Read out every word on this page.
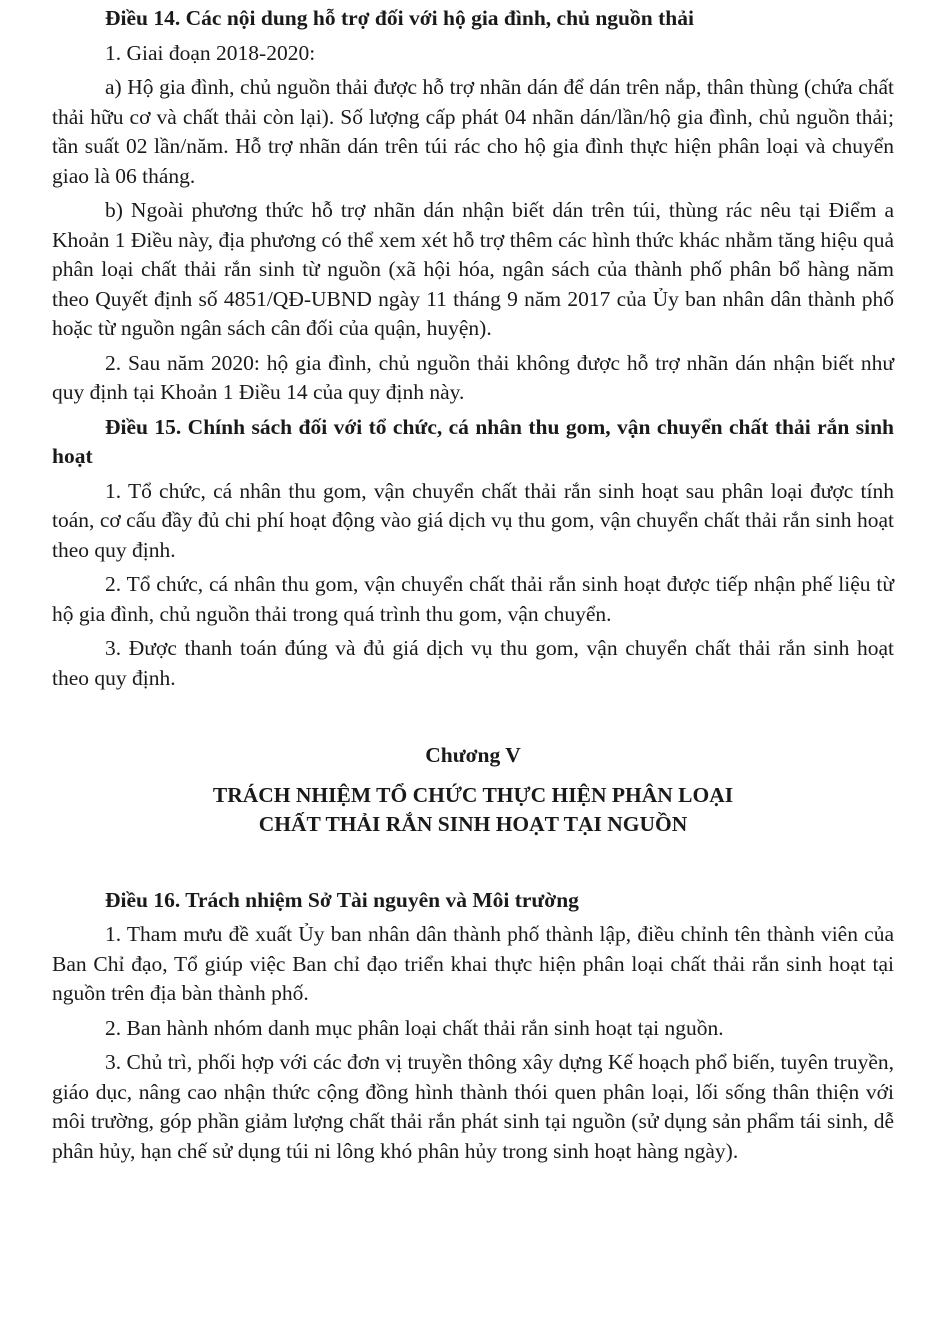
Điều 14. Các nội dung hỗ trợ đối với hộ gia đình, chủ nguồn thải

1. Giai đoạn 2018-2020:

a) Hộ gia đình, chủ nguồn thải được hỗ trợ nhãn dán để dán trên nắp, thân thùng (chứa chất thải hữu cơ và chất thải còn lại). Số lượng cấp phát 04 nhãn dán/lần/hộ gia đình, chủ nguồn thải; tần suất 02 lần/năm. Hỗ trợ nhãn dán trên túi rác cho hộ gia đình thực hiện phân loại và chuyển giao là 06 tháng.

b) Ngoài phương thức hỗ trợ nhãn dán nhận biết dán trên túi, thùng rác nêu tại Điểm a Khoản 1 Điều này, địa phương có thể xem xét hỗ trợ thêm các hình thức khác nhằm tăng hiệu quả phân loại chất thải rắn sinh từ nguồn (xã hội hóa, ngân sách của thành phố phân bổ hàng năm theo Quyết định số 4851/QĐ-UBND ngày 11 tháng 9 năm 2017 của Ủy ban nhân dân thành phố hoặc từ nguồn ngân sách cân đối của quận, huyện).

2. Sau năm 2020: hộ gia đình, chủ nguồn thải không được hỗ trợ nhãn dán nhận biết như quy định tại Khoản 1 Điều 14 của quy định này.

Điều 15. Chính sách đối với tổ chức, cá nhân thu gom, vận chuyển chất thải rắn sinh hoạt

1. Tổ chức, cá nhân thu gom, vận chuyển chất thải rắn sinh hoạt sau phân loại được tính toán, cơ cấu đầy đủ chi phí hoạt động vào giá dịch vụ thu gom, vận chuyển chất thải rắn sinh hoạt theo quy định.

2. Tổ chức, cá nhân thu gom, vận chuyển chất thải rắn sinh hoạt được tiếp nhận phế liệu từ hộ gia đình, chủ nguồn thải trong quá trình thu gom, vận chuyển.

3. Được thanh toán đúng và đủ giá dịch vụ thu gom, vận chuyển chất thải rắn sinh hoạt theo quy định.

Chương V

TRÁCH NHIỆM TỔ CHỨC THỰC HIỆN PHÂN LOẠI

CHẤT THẢI RẮN SINH HOẠT TẠI NGUỒN

Điều 16. Trách nhiệm Sở Tài nguyên và Môi trường

1. Tham mưu đề xuất Ủy ban nhân dân thành phố thành lập, điều chỉnh tên thành viên của Ban Chỉ đạo, Tổ giúp việc Ban chỉ đạo triển khai thực hiện phân loại chất thải rắn sinh hoạt tại nguồn trên địa bàn thành phố.

2. Ban hành nhóm danh mục phân loại chất thải rắn sinh hoạt tại nguồn.

3. Chủ trì, phối hợp với các đơn vị truyền thông xây dựng Kế hoạch phổ biến, tuyên truyền, giáo dục, nâng cao nhận thức cộng đồng hình thành thói quen phân loại, lối sống thân thiện với môi trường, góp phần giảm lượng chất thải rắn phát sinh tại nguồn (sử dụng sản phẩm tái sinh, dễ phân hủy, hạn chế sử dụng túi ni lông khó phân hủy trong sinh hoạt hàng ngày).
